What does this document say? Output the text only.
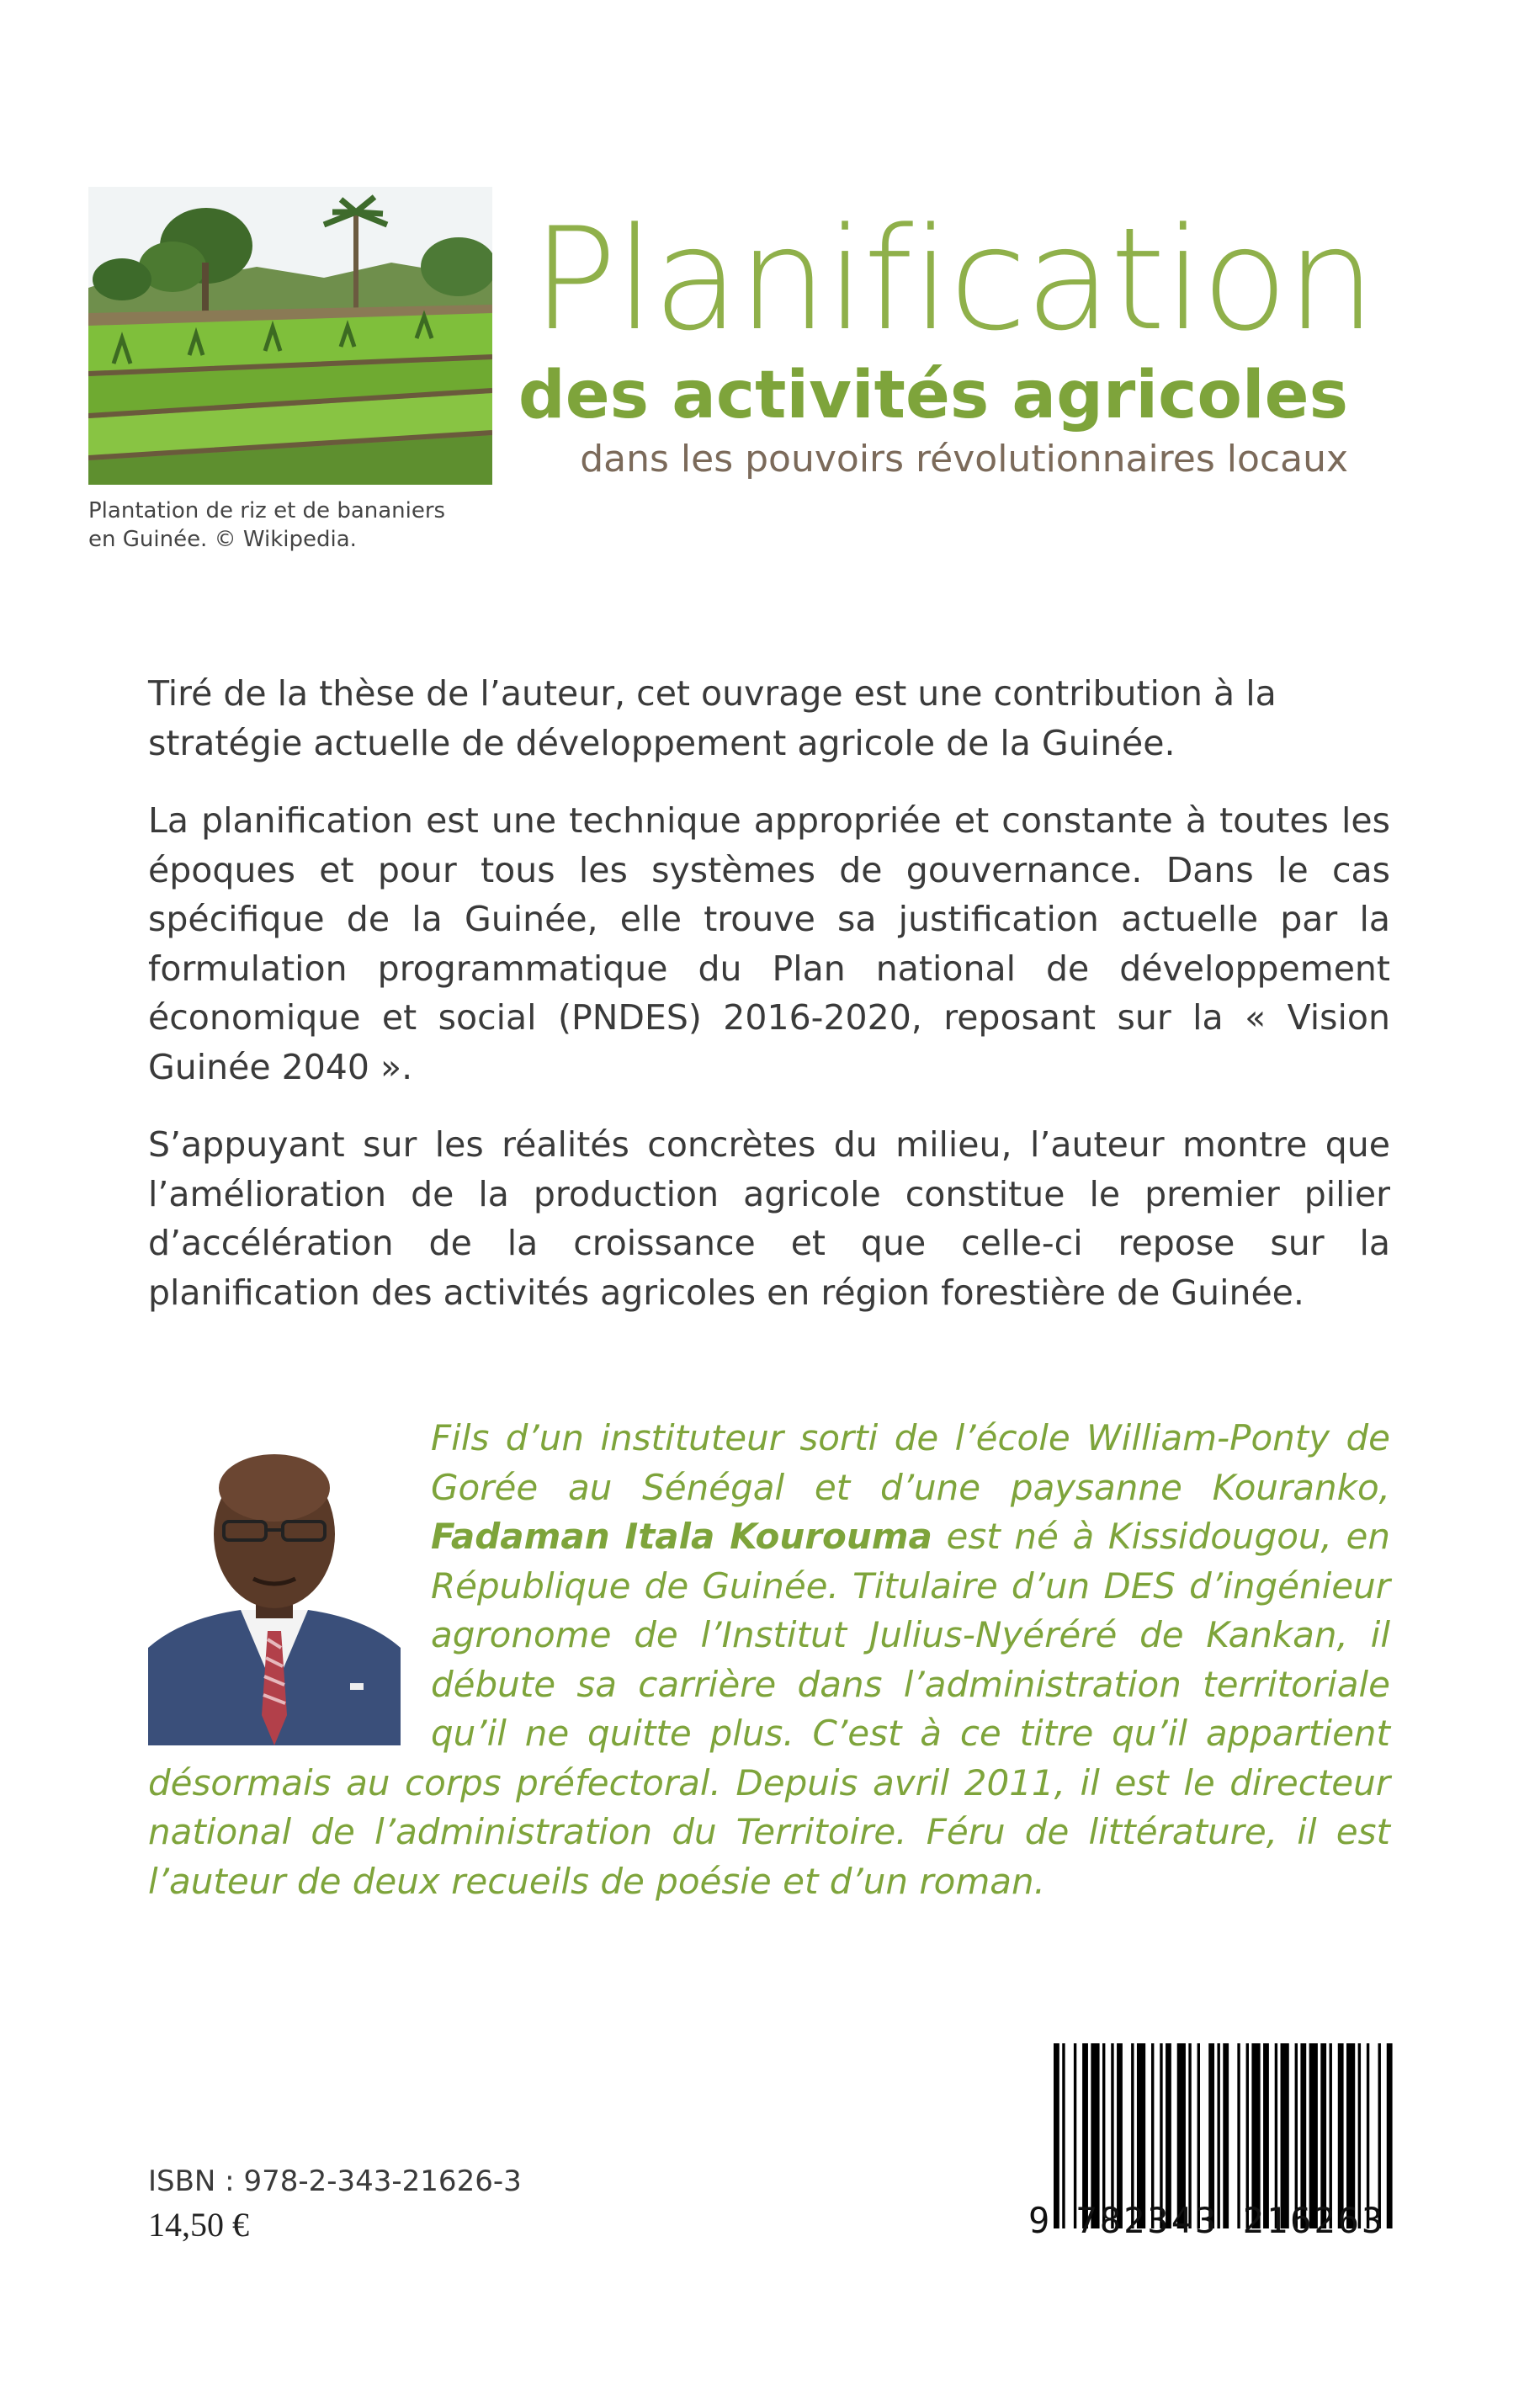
Plantation de riz et de bananiers
en Guinée. © Wikipedia.
Planification
des activités agricoles
dans les pouvoirs révolutionnaires locaux
Tiré de la thèse de l’auteur, cet ouvrage est une contribution à la stratégie actuelle de développement agricole de la Guinée.
La planification est une technique appropriée et constante à toutes les époques et pour tous les systèmes de gouvernance. Dans le cas spécifique de la Guinée, elle trouve sa justification actuelle par la formulation programmatique du Plan national de développement économique et social (PNDES) 2016-2020, reposant sur la « Vision Guinée 2040 ».
S’appuyant sur les réalités concrètes du milieu, l’auteur montre que l’amélioration de la production agricole constitue le premier pilier d’accélération de la croissance et que celle-ci repose sur la planification des activités agricoles en région forestière de Guinée.
Fils d’un instituteur sorti de l’école William-Ponty de Gorée au Sénégal et d’une paysanne Kouranko, Fadaman Itala Kourouma est né à Kissidougou, en République de Guinée. Titulaire d’un DES d’ingénieur agronome de l’Institut Julius-Nyéréré de Kankan, il débute sa carrière dans l’administration territoriale qu’il ne quitte plus. C’est à ce titre qu’il appartient désormais au corps préfectoral. Depuis avril 2011, il est le directeur national de l’administration du Territoire. Féru de littérature, il est l’auteur de deux recueils de poésie et d’un roman.
ISBN : 978-2-343-21626-3
14,50 €	9 782343 216263
